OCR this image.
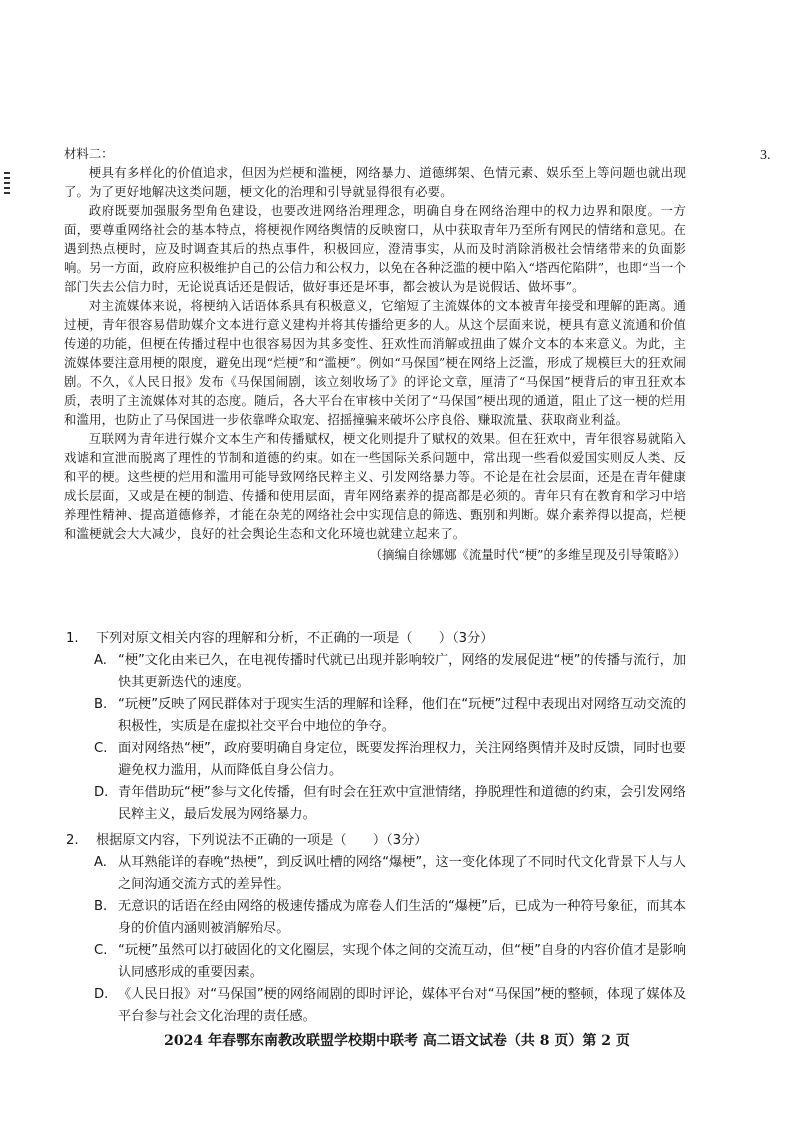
3.

材料二：

梗具有多样化的价值追求，但因为烂梗和滥梗，网络暴力、道德绑架、色情元素、娱乐至上等问题也就出现了。为了更好地解决这类问题，梗文化的治理和引导就显得很有必要。

政府既要加强服务型角色建设，也要改进网络治理理念，明确自身在网络治理中的权力边界和限度。一方面，要尊重网络社会的基本特点，将梗视作网络舆情的反映窗口，从中获取青年乃至所有网民的情绪和意见。在遇到热点梗时，应及时调查其后的热点事件，积极回应，澄清事实，从而及时消除消极社会情绪带来的负面影响。另一方面，政府应积极维护自己的公信力和公权力，以免在各种泛滥的梗中陷入“塔西佗陷阱”，也即“当一个部门失去公信力时，无论说真话还是假话，做好事还是坏事，都会被认为是说假话、做坏事”。

对主流媒体来说，将梗纳入话语体系具有积极意义，它缩短了主流媒体的文本被青年接受和理解的距离。通过梗，青年很容易借助媒介文本进行意义建构并将其传播给更多的人。从这个层面来说，梗具有意义流通和价值传递的功能，但梗在传播过程中也很容易因为其多变性、狂欢性而消解或扭曲了媒介文本的本来意义。为此，主流媒体要注意用梗的限度，避免出现“烂梗”和“滥梗”。例如“马保国”梗在网络上泛滥，形成了规模巨大的狂欢闹剧。不久，《人民日报》发布《马保国闹剧，该立刻收场了》的评论文章，厘清了“马保国”梗背后的审丑狂欢本质，表明了主流媒体对其的态度。随后，各大平台在审核中关闭了“马保国”梗出现的通道，阻止了这一梗的烂用和滥用，也防止了马保国进一步依靠哗众取宠、招摇撞骗来破坏公序良俗、赚取流量、获取商业利益。

互联网为青年进行媒介文本生产和传播赋权，梗文化则提升了赋权的效果。但在狂欢中，青年很容易就陷入戏谑和宣泄而脱离了理性的节制和道德的约束。如在一些国际关系问题中，常出现一些看似爱国实则反人类、反和平的梗。这些梗的烂用和滥用可能导致网络民粹主义、引发网络暴力等。不论是在社会层面，还是在青年健康成长层面，又或是在梗的制造、传播和使用层面，青年网络素养的提高都是必须的。青年只有在教育和学习中培养理性精神、提高道德修养，才能在杂芜的网络社会中实现信息的筛选、甄别和判断。媒介素养得以提高，烂梗和滥梗就会大大减少，良好的社会舆论生态和文化环境也就建立起来了。

（摘编自徐娜娜《流量时代“梗”的多维呈现及引导策略》）

1.	下列对原文相关内容的理解和分析，不正确的一项是（　　）（3分）
A. “梗”文化由来已久，在电视传播时代就已出现并影响较广，网络的发展促进“梗”的传播与流行，加快其更新迭代的速度。
B. “玩梗”反映了网民群体对于现实生活的理解和诠释，他们在“玩梗”过程中表现出对网络互动交流的积极性，实质是在虚拟社交平台中地位的争夺。
C. 面对网络热“梗”，政府要明确自身定位，既要发挥治理权力，关注网络舆情并及时反馈，同时也要避免权力滥用，从而降低自身公信力。
D. 青年借助玩“梗”参与文化传播，但有时会在狂欢中宣泄情绪，挣脱理性和道德的约束，会引发网络民粹主义，最后发展为网络暴力。
2.	根据原文内容，下列说法不正确的一项是（　　）（3分）
A. 从耳熟能详的春晚“热梗”，到反讽吐槽的网络“爆梗”，这一变化体现了不同时代文化背景下人与人之间沟通交流方式的差异性。
B. 无意识的话语在经由网络的极速传播成为席卷人们生活的“爆梗”后，已成为一种符号象征，而其本身的价值内涵则被消解殆尽。
C. “玩梗”虽然可以打破固化的文化圈层，实现个体之间的交流互动，但“梗”自身的内容价值才是影响认同感形成的重要因素。
D. 《人民日报》对“马保国”梗的网络闹剧的即时评论，媒体平台对“马保国”梗的整顿，体现了媒体及平台参与社会文化治理的责任感。
2024 年春鄂东南教改联盟学校期中联考 高二语文试卷（共 8 页）第 2 页
